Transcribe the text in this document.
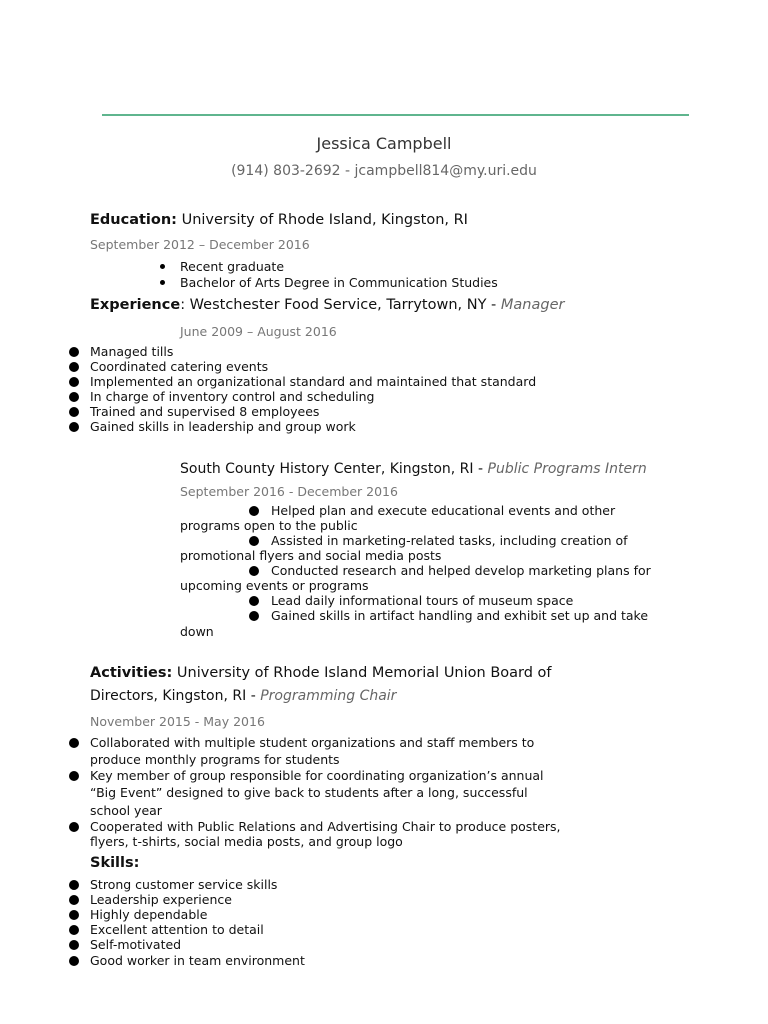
Jessica Campbell
(914) 803-2692 - jcampbell814@my.uri.edu
Education: University of Rhode Island, Kingston, RI
September 2012 – December 2016
Recent graduate
Bachelor of Arts Degree in Communication Studies
Experience: Westchester Food Service, Tarrytown, NY - Manager
June 2009 – August 2016
Managed tills
Coordinated catering events
Implemented an organizational standard and maintained that standard
In charge of inventory control and scheduling
Trained and supervised 8 employees
Gained skills in leadership and group work
South County History Center, Kingston, RI - Public Programs Intern
September 2016 - December 2016
Helped plan and execute educational events and other
programs open to the public
Assisted in marketing-related tasks, including creation of
promotional flyers and social media posts
Conducted research and helped develop marketing plans for
upcoming events or programs
Lead daily informational tours of museum space
Gained skills in artifact handling and exhibit set up and take
down
Activities: University of Rhode Island Memorial Union Board of
Directors, Kingston, RI - Programming Chair
November 2015 - May 2016
Collaborated with multiple student organizations and staff members to
produce monthly programs for students
Key member of group responsible for coordinating organization’s annual
“Big Event” designed to give back to students after a long, successful
school year
Cooperated with Public Relations and Advertising Chair to produce posters,
flyers, t-shirts, social media posts, and group logo
Skills:
Strong customer service skills
Leadership experience
Highly dependable
Excellent attention to detail
Self-motivated
Good worker in team environment
